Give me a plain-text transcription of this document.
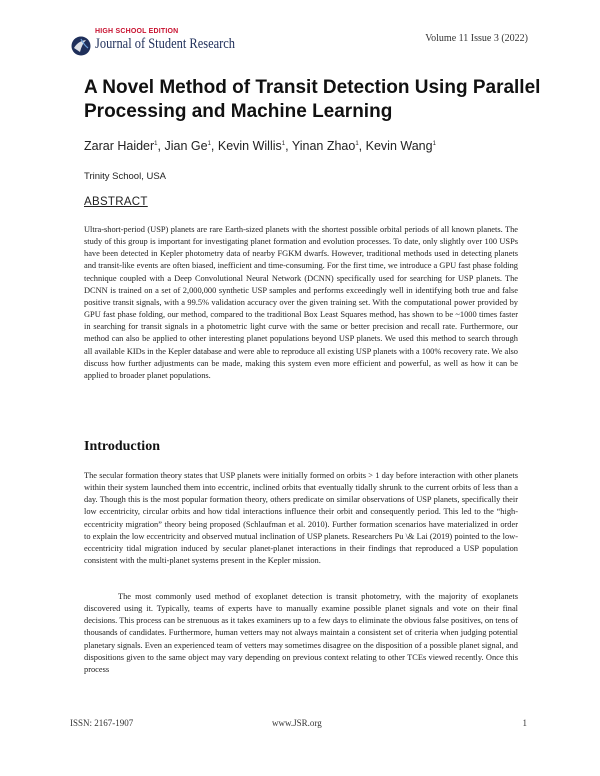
HIGH SCHOOL EDITION
Journal of Student Research	Volume 11 Issue 3 (2022)
A Novel Method of Transit Detection Using Parallel Processing and Machine Learning

Zarar Haider$^1$, Jian Ge$^1$, Kevin Willis$^1$, Yinan Zhao$^1$, Kevin Wang$^1$

Trinity School, USA

ABSTRACT

Ultra-short-period (USP) planets are rare Earth-sized planets with the shortest possible orbital periods of all known planets. The study of this group is important for investigating planet formation and evolution processes. To date, only slightly over 100 USPs have been detected in Kepler photometry data of nearby FGKM dwarfs. However, traditional methods used in detecting planets and transit-like events are often biased, inefficient and time-consuming. For the first time, we introduce a GPU fast phase folding technique coupled with a Deep Convolutional Neural Network (DCNN) specifically used for searching for USP planets. The DCNN is trained on a set of 2,000,000 synthetic USP samples and performs exceedingly well in identifying both true and false positive transit signals, with a 99.5% validation accuracy over the given training set. With the computational power provided by GPU fast phase folding, our method, compared to the traditional Box Least Squares method, has shown to be ~1000 times faster in searching for transit signals in a photometric light curve with the same or better precision and recall rate. Furthermore, our method can also be applied to other interesting planet populations beyond USP planets. We used this method to search through all available KIDs in the Kepler database and were able to reproduce all existing USP planets with a 100% recovery rate. We also discuss how further adjustments can be made, making this system even more efficient and powerful, as well as how it can be applied to broader planet populations.

Introduction

The secular formation theory states that USP planets were initially formed on orbits > 1 day before interaction with other planets within their system launched them into eccentric, inclined orbits that eventually tidally shrunk to the current orbits of less than a day. Though this is the most popular formation theory, others predicate on similar observations of USP planets, specifically their low eccentricity, circular orbits and how tidal interactions influence their orbit and consequently period. This led to the “high-eccentricity migration” theory being proposed (Schlaufman et al. 2010). Further formation scenarios have materialized in order to explain the low eccentricity and observed mutual inclination of USP planets. Researchers Pu \& Lai (2019) pointed to the low-eccentricity tidal migration induced by secular planet-planet interactions in their findings that reproduced a USP population consistent with the multi-planet systems present in the Kepler mission.

The most commonly used method of exoplanet detection is transit photometry, with the majority of exoplanets discovered using it. Typically, teams of experts have to manually examine possible planet signals and vote on their final decisions. This process can be strenuous as it takes examiners up to a few days to eliminate the obvious false positives, on tens of thousands of candidates. Furthermore, human vetters may not always maintain a consistent set of criteria when judging potential planetary signals. Even an experienced team of vetters may sometimes disagree on the disposition of a possible planet signal, and dispositions given to the same object may vary depending on previous context relating to other TCEs viewed recently. Once this process

ISSN: 2167-1907	www.JSR.org	1
